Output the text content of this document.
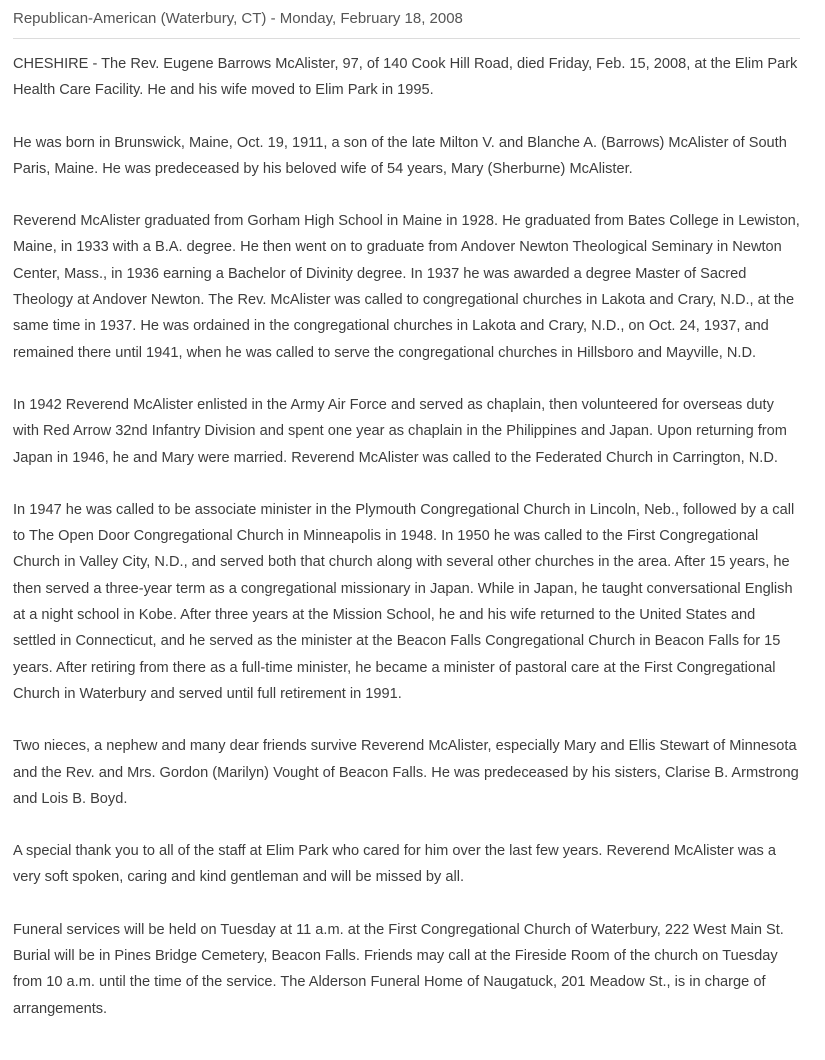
Republican-American (Waterbury, CT) - Monday, February 18, 2008

CHESHIRE - The Rev. Eugene Barrows McAlister, 97, of 140 Cook Hill Road, died Friday, Feb. 15, 2008, at the Elim Park Health Care Facility. He and his wife moved to Elim Park in 1995.

He was born in Brunswick, Maine, Oct. 19, 1911, a son of the late Milton V. and Blanche A. (Barrows) McAlister of South Paris, Maine. He was predeceased by his beloved wife of 54 years, Mary (Sherburne) McAlister.

Reverend McAlister graduated from Gorham High School in Maine in 1928. He graduated from Bates College in Lewiston, Maine, in 1933 with a B.A. degree. He then went on to graduate from Andover Newton Theological Seminary in Newton Center, Mass., in 1936 earning a Bachelor of Divinity degree. In 1937 he was awarded a degree Master of Sacred Theology at Andover Newton. The Rev. McAlister was called to congregational churches in Lakota and Crary, N.D., at the same time in 1937. He was ordained in the congregational churches in Lakota and Crary, N.D., on Oct. 24, 1937, and remained there until 1941, when he was called to serve the congregational churches in Hillsboro and Mayville, N.D.

In 1942 Reverend McAlister enlisted in the Army Air Force and served as chaplain, then volunteered for overseas duty with Red Arrow 32nd Infantry Division and spent one year as chaplain in the Philippines and Japan. Upon returning from Japan in 1946, he and Mary were married. Reverend McAlister was called to the Federated Church in Carrington, N.D.

In 1947 he was called to be associate minister in the Plymouth Congregational Church in Lincoln, Neb., followed by a call to The Open Door Congregational Church in Minneapolis in 1948. In 1950 he was called to the First Congregational Church in Valley City, N.D., and served both that church along with several other churches in the area. After 15 years, he then served a three-year term as a congregational missionary in Japan. While in Japan, he taught conversational English at a night school in Kobe. After three years at the Mission School, he and his wife returned to the United States and settled in Connecticut, and he served as the minister at the Beacon Falls Congregational Church in Beacon Falls for 15 years. After retiring from there as a full-time minister, he became a minister of pastoral care at the First Congregational Church in Waterbury and served until full retirement in 1991.

Two nieces, a nephew and many dear friends survive Reverend McAlister, especially Mary and Ellis Stewart of Minnesota and the Rev. and Mrs. Gordon (Marilyn) Vought of Beacon Falls. He was predeceased by his sisters, Clarise B. Armstrong and Lois B. Boyd.

A special thank you to all of the staff at Elim Park who cared for him over the last few years. Reverend McAlister was a very soft spoken, caring and kind gentleman and will be missed by all.

Funeral services will be held on Tuesday at 11 a.m. at the First Congregational Church of Waterbury, 222 West Main St. Burial will be in Pines Bridge Cemetery, Beacon Falls. Friends may call at the Fireside Room of the church on Tuesday from 10 a.m. until the time of the service. The Alderson Funeral Home of Naugatuck, 201 Meadow St., is in charge of arrangements.
